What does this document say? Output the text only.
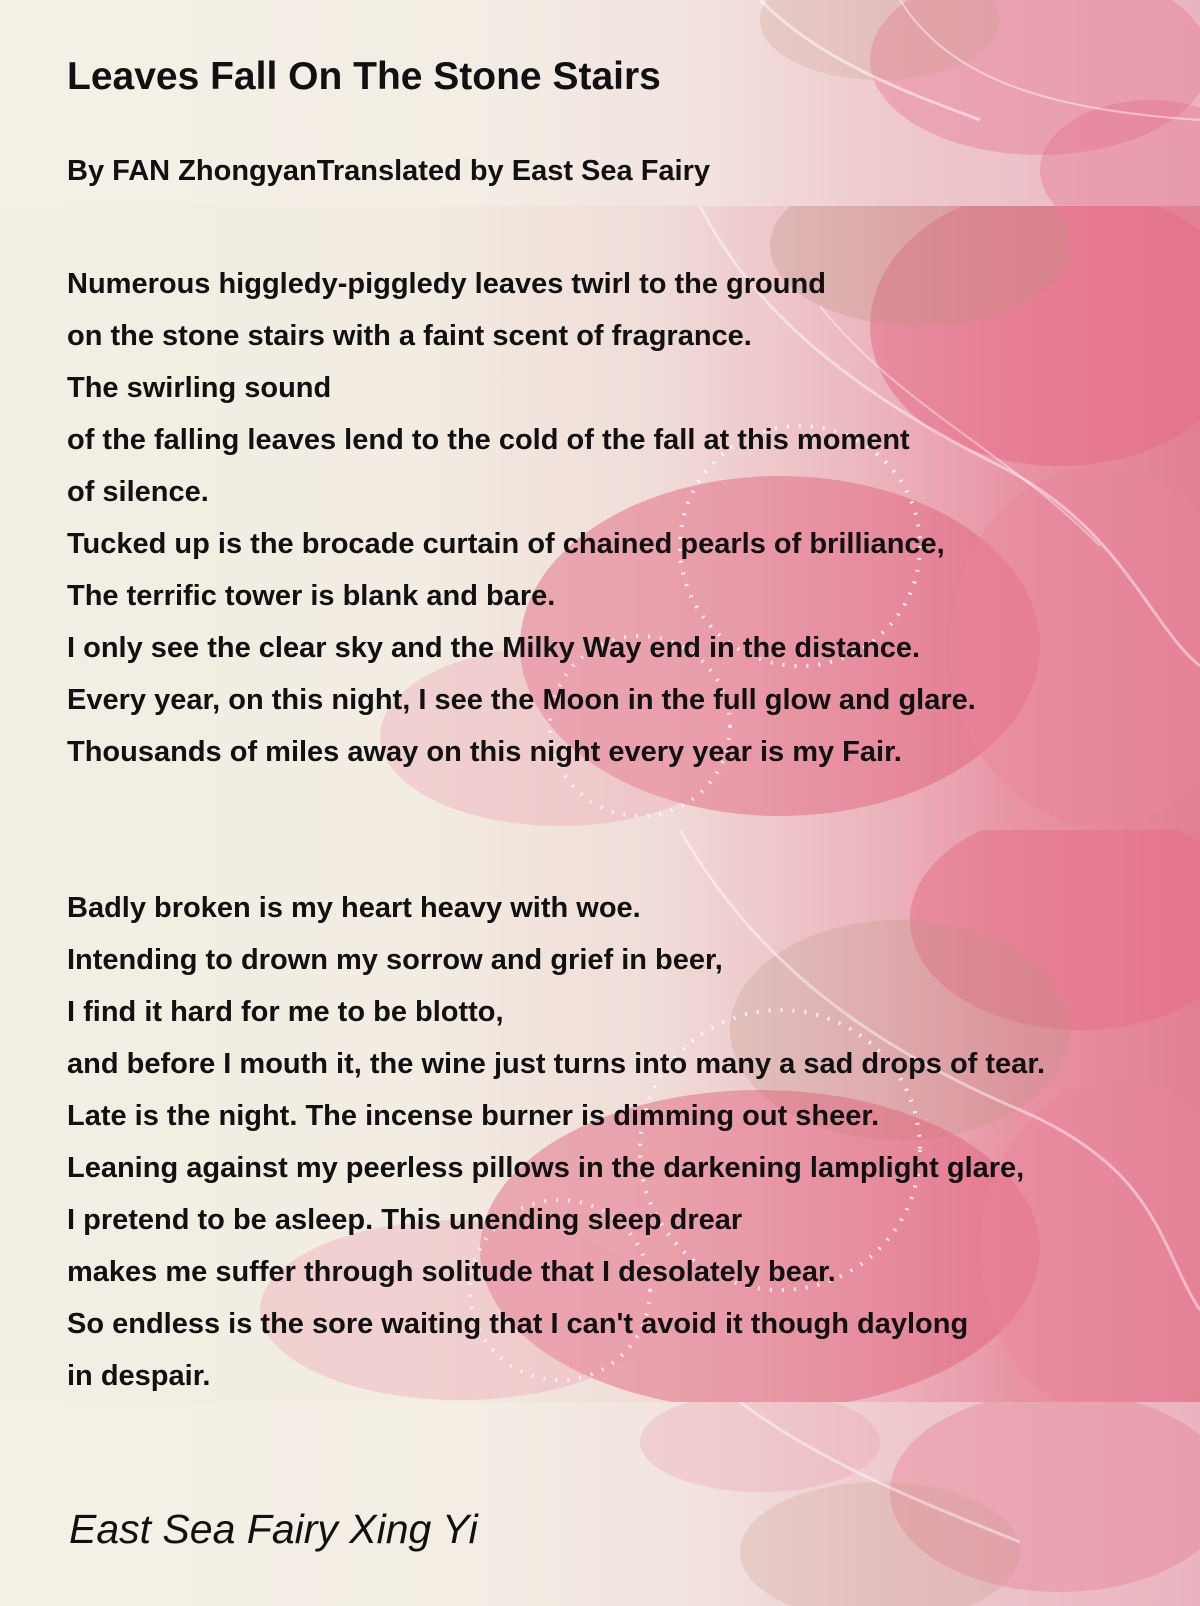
Leaves Fall On The Stone Stairs

By FAN ZhongyanTranslated by East Sea Fairy

Numerous higgledy-piggledy leaves twirl to the ground
on the stone stairs with a faint scent of fragrance.
The swirling sound
of the falling leaves lend to the cold of the fall at this moment
of silence.
Tucked up is the brocade curtain of chained pearls of brilliance,
The terrific tower is blank and bare.
I only see the clear sky and the Milky Way end in the distance.
Every year, on this night, I see the Moon in the full glow and glare.
Thousands of miles away on this night every year is my Fair.
Badly broken is my heart heavy with woe.
Intending to drown my sorrow and grief in beer,
I find it hard for me to be blotto,
and before I mouth it, the wine just turns into many a sad drops of tear.
Late is the night. The incense burner is dimming out sheer.
Leaning against my peerless pillows in the darkening lamplight glare,
I pretend to be asleep. This unending sleep drear
makes me suffer through solitude that I desolately bear.
So endless is the sore waiting that I can't avoid it though daylong
in despair.

East Sea Fairy Xing Yi
